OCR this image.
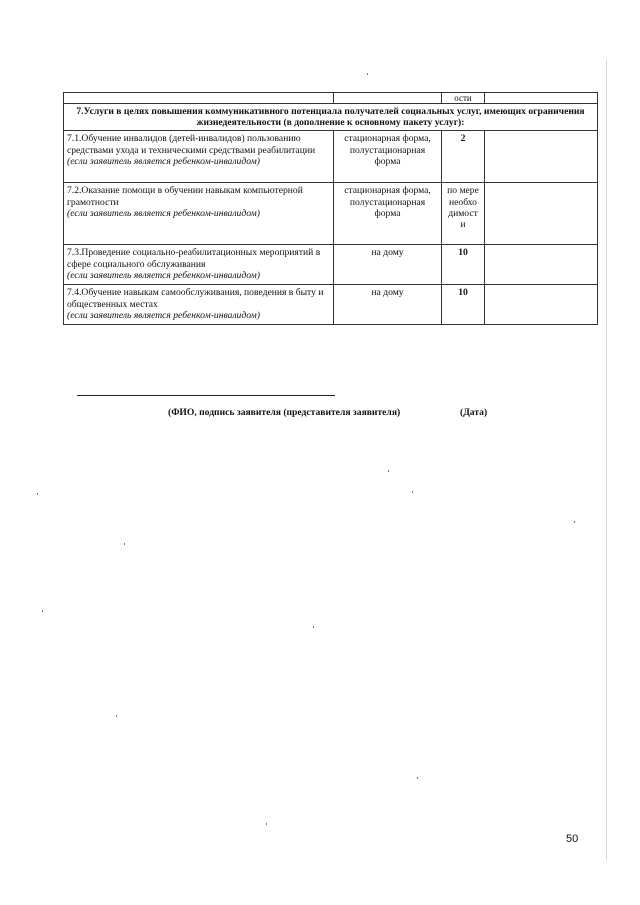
		ости	
7.Услуги в целях повышения коммуникативного потенциала получателей социальных услуг, имеющих ограничения жизнедеятельности (в дополнение к основному пакету услуг):			
7.1.Обучение инвалидов (детей-инвалидов) пользованию средствами ухода и техническими средствами реабилитации
(если заявитель является ребенком-инвалидом)	стационарная форма, полустационарная форма	2	
7.2.Оказание помощи в обучении навыкам компьютерной грамотности
(если заявитель является ребенком-инвалидом)	стационарная форма, полустационарная форма	по мере необхо димост и	
7.3.Проведение социально-реабилитационных мероприятий в сфере социального обслуживания
(если заявитель является ребенком-инвалидом)	на дому	10	
7.4.Обучение навыкам самообслуживания, поведения в быту и общественных местах
(если заявитель является ребенком-инвалидом)	на дому	10	
(ФИО, подпись заявителя (представителя заявителя)	(Дата)
50
